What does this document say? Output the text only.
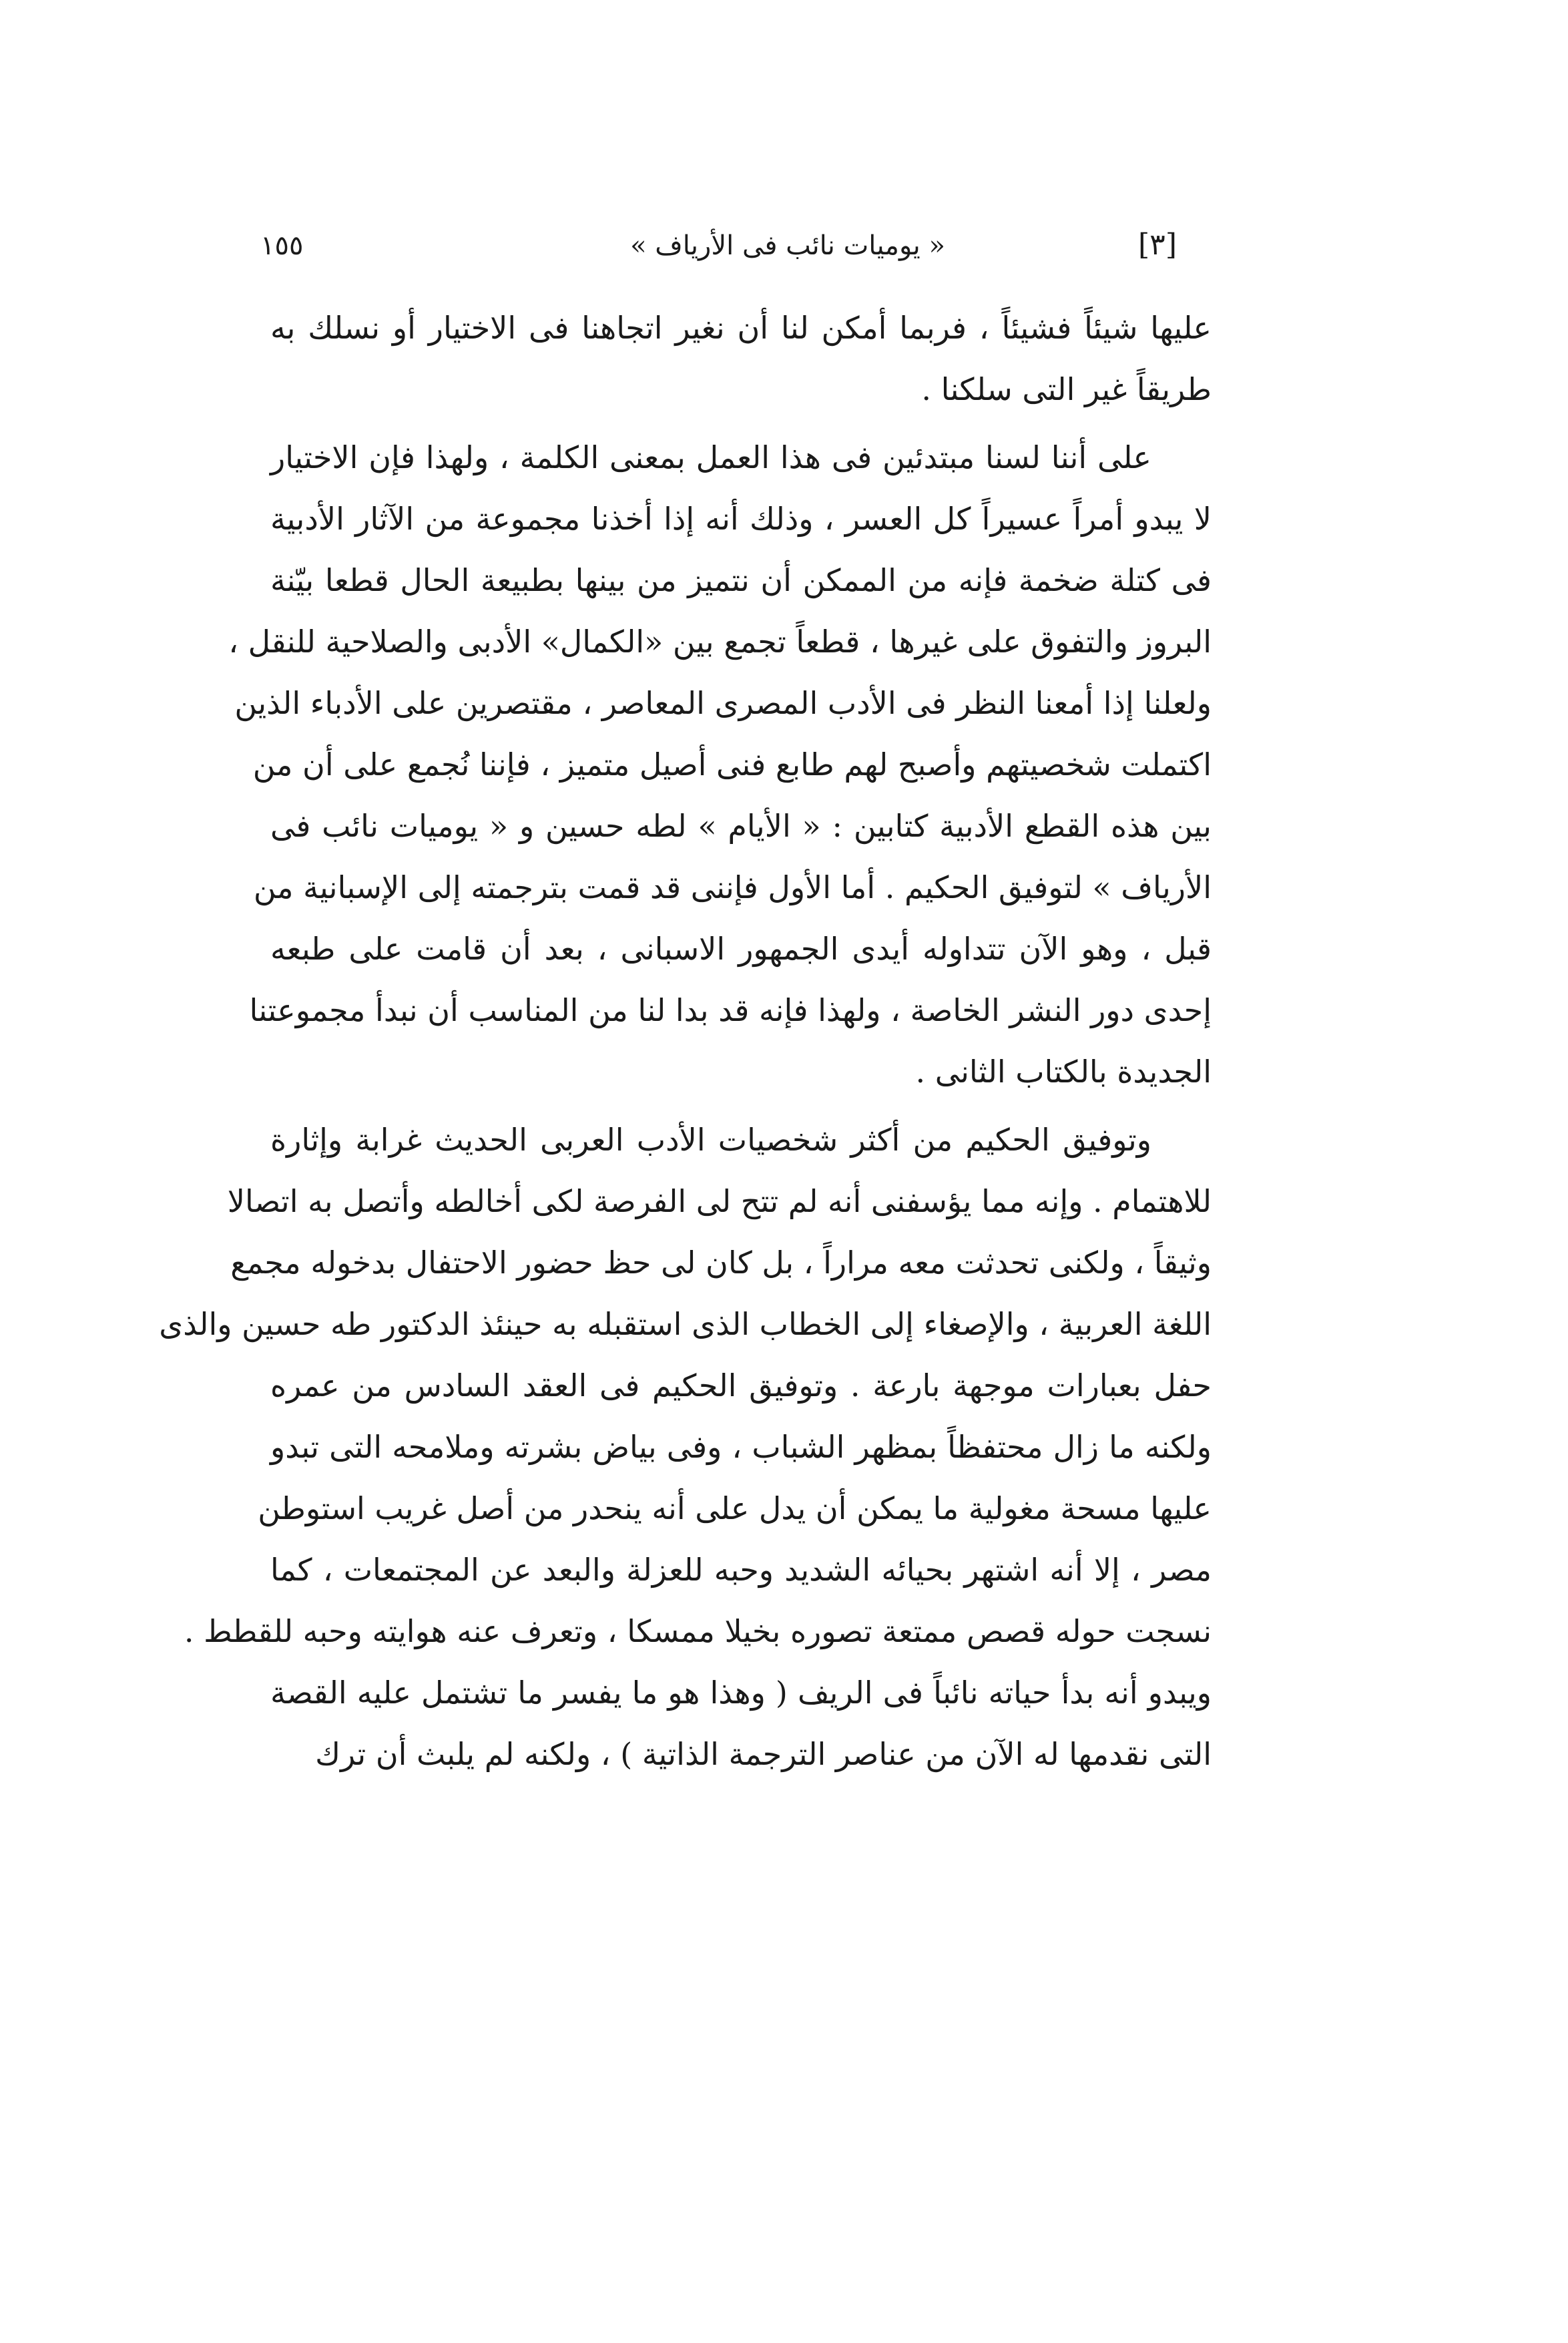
[٣]
« يوميات نائب فى الأرياف »
١٥٥
عليها شيئاً فشيئاً ، فربما أمكن لنا أن نغير اتجاهنا فى الاختيار أو نسلك به
طريقاً غير التى سلكنا .
على أننا لسنا مبتدئين فى هذا العمل بمعنى الكلمة ، ولهذا فإن الاختيار
لا يبدو أمراً عسيراً كل العسر ، وذلك أنه إذا أخذنا مجموعة من الآثار الأدبية
فى كتلة ضخمة فإنه من الممكن أن نتميز من بينها بطبيعة الحال قطعا بيّنة
البروز والتفوق على غيرها ، قطعاً تجمع بين «الكمال» الأدبى والصلاحية للنقل ،
ولعلنا إذا أمعنا النظر فى الأدب المصرى المعاصر ، مقتصرين على الأدباء الذين
اكتملت شخصيتهم وأصبح لهم طابع فنى أصيل متميز ، فإننا نُجمع على أن من
بين هذه القطع الأدبية كتابين : « الأيام » لطه حسين و « يوميات نائب فى
الأرياف » لتوفيق الحكيم . أما الأول فإننى قد قمت بترجمته إلى الإسبانية من
قبل ، وهو الآن تتداوله أيدى الجمهور الاسبانى ، بعد أن قامت على طبعه
إحدى دور النشر الخاصة ، ولهذا فإنه قد بدا لنا من المناسب أن نبدأ مجموعتنا
الجديدة بالكتاب الثانى .
وتوفيق الحكيم من أكثر شخصيات الأدب العربى الحديث غرابة وإثارة
للاهتمام . وإنه مما يؤسفنى أنه لم تتح لى الفرصة لكى أخالطه وأتصل به اتصالا
وثيقاً ، ولكنى تحدثت معه مراراً ، بل كان لى حظ حضور الاحتفال بدخوله مجمع
اللغة العربية ، والإصغاء إلى الخطاب الذى استقبله به حينئذ الدكتور طه حسين والذى
حفل بعبارات موجهة بارعة . وتوفيق الحكيم فى العقد السادس من عمره
ولكنه ما زال محتفظاً بمظهر الشباب ، وفى بياض بشرته وملامحه التى تبدو
عليها مسحة مغولية ما يمكن أن يدل على أنه ينحدر من أصل غريب استوطن
مصر ، إلا أنه اشتهر بحيائه الشديد وحبه للعزلة والبعد عن المجتمعات ، كما
نسجت حوله قصص ممتعة تصوره بخيلا ممسكا ، وتعرف عنه هوايته وحبه للقطط .
ويبدو أنه بدأ حياته نائباً فى الريف ( وهذا هو ما يفسر ما تشتمل عليه القصة
التى نقدمها له الآن من عناصر الترجمة الذاتية ) ، ولكنه لم يلبث أن ترك
